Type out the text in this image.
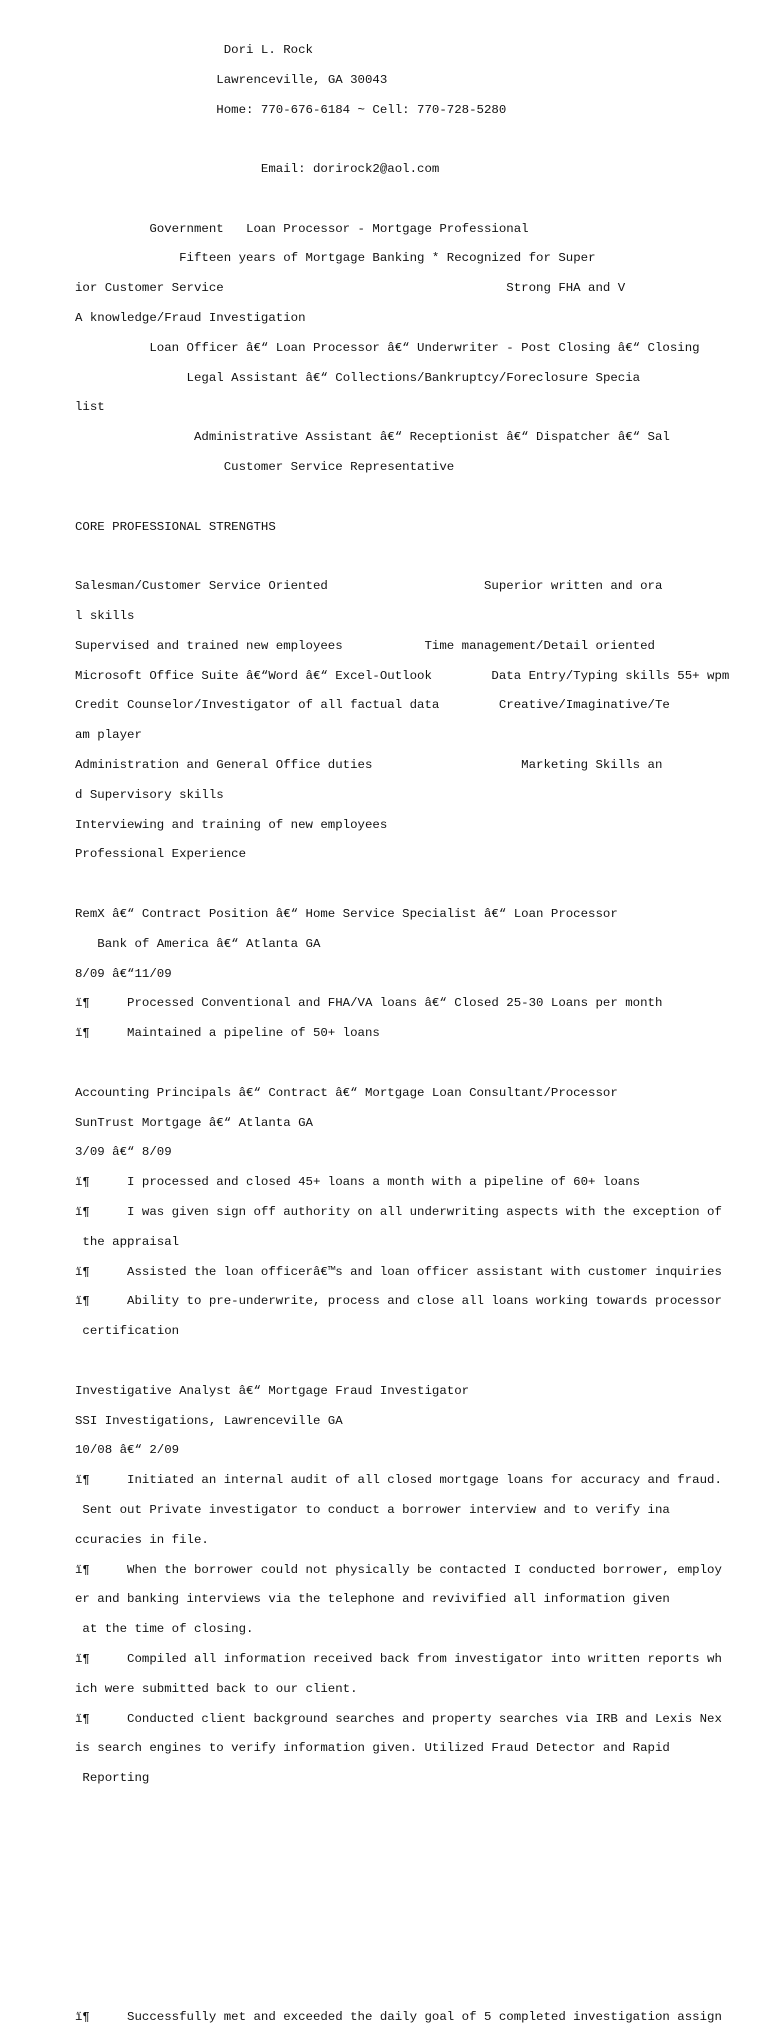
Dori L. Rock

Lawrenceville, GA 30043

Home: 770-676-6184 ~ Cell: 770-728-5280

Email: dorirock2@aol.com

Government   Loan Processor - Mortgage Professional

Fifteen years of Mortgage Banking * Recognized for Super

ior Customer Service                                      Strong FHA and V

A knowledge/Fraud Investigation

Loan Officer â€“ Loan Processor â€“ Underwriter - Post Closing â€“ Closing

Legal Assistant â€“ Collections/Bankruptcy/Foreclosure Specia

list

Administrative Assistant â€“ Receptionist â€“ Dispatcher â€“ Sal

Customer Service Representative

CORE PROFESSIONAL STRENGTHS

Salesman/Customer Service Oriented                     Superior written and ora

l skills

Supervised and trained new employees           Time management/Detail oriented

Microsoft Office Suite â€“Word â€“ Excel-Outlook        Data Entry/Typing skills 55+ wpm

Credit Counselor/Investigator of all factual data        Creative/Imaginative/Te

am player

Administration and General Office duties                    Marketing Skills an

d Supervisory skills

Interviewing and training of new employees

Professional Experience

RemX â€“ Contract Position â€“ Home Service Specialist â€“ Loan Processor

Bank of America â€“ Atlanta GA

8/09 â€“11/09

ï¶     Processed Conventional and FHA/VA loans â€“ Closed 25-30 Loans per month

ï¶     Maintained a pipeline of 50+ loans

Accounting Principals â€“ Contract â€“ Mortgage Loan Consultant/Processor

SunTrust Mortgage â€“ Atlanta GA

3/09 â€“ 8/09

ï¶     I processed and closed 45+ loans a month with a pipeline of 60+ loans

ï¶     I was given sign off authority on all underwriting aspects with the exception of

the appraisal

ï¶     Assisted the loan officerâ€™s and loan officer assistant with customer inquiries

ï¶     Ability to pre-underwrite, process and close all loans working towards processor

certification

Investigative Analyst â€“ Mortgage Fraud Investigator

SSI Investigations, Lawrenceville GA

10/08 â€“ 2/09

ï¶     Initiated an internal audit of all closed mortgage loans for accuracy and fraud.

Sent out Private investigator to conduct a borrower interview and to verify ina

ccuracies in file.

ï¶     When the borrower could not physically be contacted I conducted borrower, employ

er and banking interviews via the telephone and revivified all information given

at the time of closing.

ï¶     Compiled all information received back from investigator into written reports wh

ich were submitted back to our client.

ï¶     Conducted client background searches and property searches via IRB and Lexis Nex

is search engines to verify information given. Utilized Fraud Detector and Rapid

Reporting

ï¶     Successfully met and exceeded the daily goal of 5 completed investigation assign
